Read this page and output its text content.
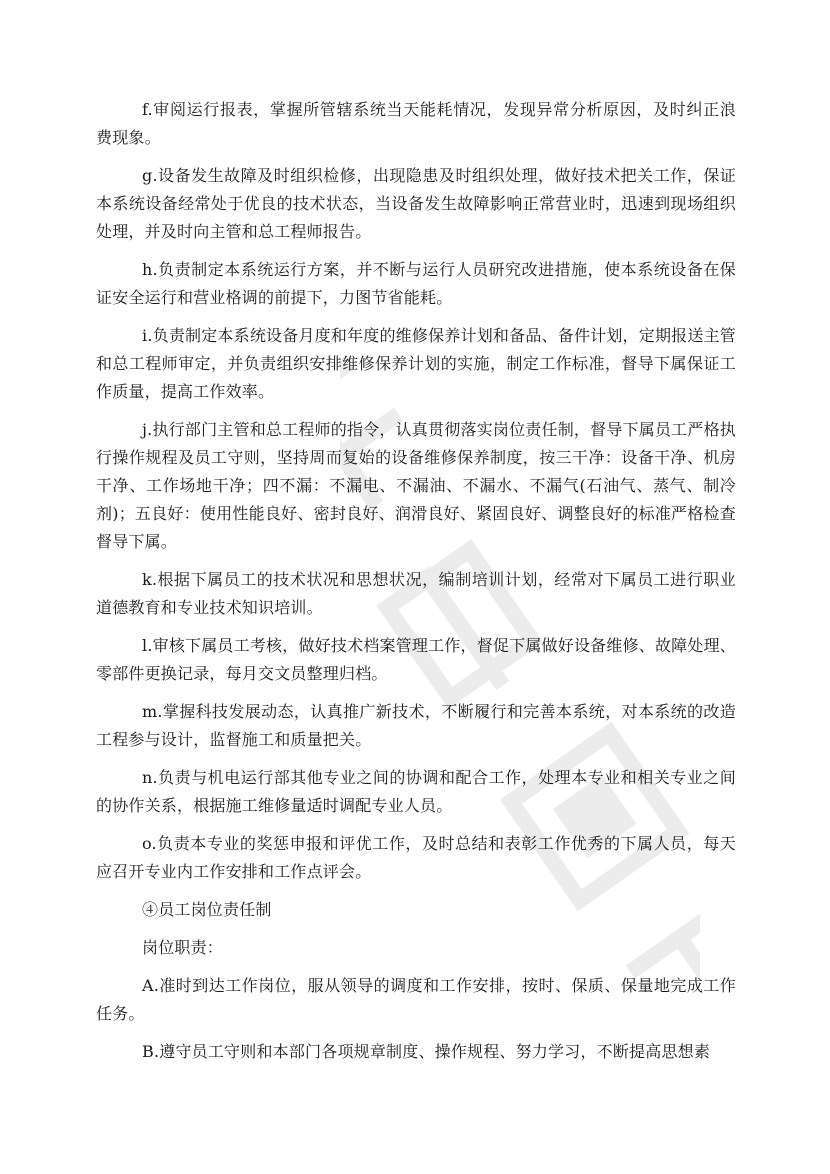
f.审阅运行报表，掌握所管辖系统当天能耗情况，发现异常分析原因，及时纠正浪费现象。

g.设备发生故障及时组织检修，出现隐患及时组织处理，做好技术把关工作，保证本系统设备经常处于优良的技术状态，当设备发生故障影响正常营业时，迅速到现场组织处理，并及时向主管和总工程师报告。

h.负责制定本系统运行方案，并不断与运行人员研究改进措施，使本系统设备在保证安全运行和营业格调的前提下，力图节省能耗。

i.负责制定本系统设备月度和年度的维修保养计划和备品、备件计划，定期报送主管和总工程师审定，并负责组织安排维修保养计划的实施，制定工作标准，督导下属保证工作质量，提高工作效率。

j.执行部门主管和总工程师的指令，认真贯彻落实岗位责任制，督导下属员工严格执行操作规程及员工守则，坚持周而复始的设备维修保养制度，按三干净：设备干净、机房干净、工作场地干净；四不漏：不漏电、不漏油、不漏水、不漏气(石油气、蒸气、制冷剂)；五良好：使用性能良好、密封良好、润滑良好、紧固良好、调整良好的标准严格检查督导下属。

k.根据下属员工的技术状况和思想状况，编制培训计划，经常对下属员工进行职业道德教育和专业技术知识培训。

l.审核下属员工考核，做好技术档案管理工作，督促下属做好设备维修、故障处理、零部件更换记录，每月交文员整理归档。

m.掌握科技发展动态，认真推广新技术，不断履行和完善本系统，对本系统的改造工程参与设计，监督施工和质量把关。

n.负责与机电运行部其他专业之间的协调和配合工作，处理本专业和相关专业之间的协作关系，根据施工维修量适时调配专业人员。

o.负责本专业的奖惩申报和评优工作，及时总结和表彰工作优秀的下属人员，每天应召开专业内工作安排和工作点评会。

④员工岗位责任制

岗位职责：

A.准时到达工作岗位，服从领导的调度和工作安排，按时、保质、保量地完成工作任务。

B.遵守员工守则和本部门各项规章制度、操作规程、努力学习，不断提高思想素
